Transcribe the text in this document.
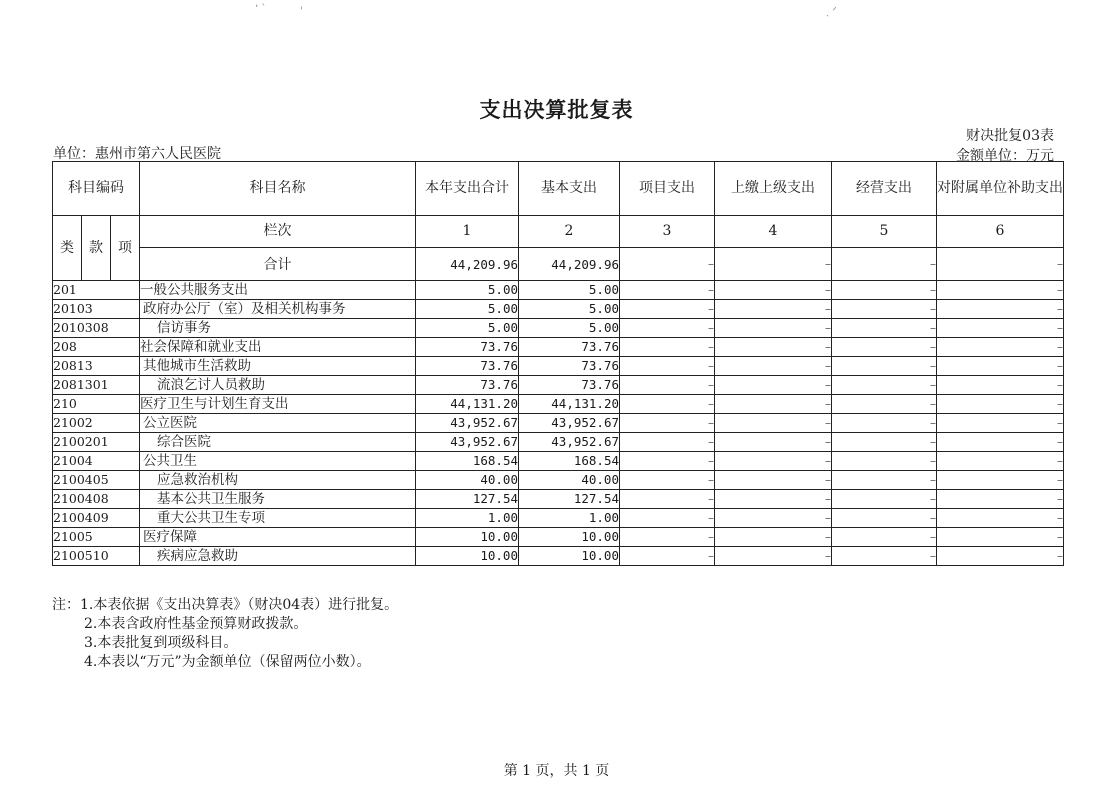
٬ ˋ	'	ˏ ᐟ
支出决算批复表
财决批复03表
单位：惠州市第六人民医院	金额单位：万元
科目编码			科目名称	本年支出合计	基本支出	项目支出	上缴上级支出	经营支出	对附属单位补助支出
类	款	项	栏次	1	2	3	4	5	6
			合计	44,209.96	44,209.96	–	–	–	–
201			一般公共服务支出	5.00	5.00	–	–	–	–
20103			政府办公厅（室）及相关机构事务	5.00	5.00	–	–	–	–
2010308			信访事务	5.00	5.00	–	–	–	–
208			社会保障和就业支出	73.76	73.76	–	–	–	–
20813			其他城市生活救助	73.76	73.76	–	–	–	–
2081301			流浪乞讨人员救助	73.76	73.76	–	–	–	–
210			医疗卫生与计划生育支出	44,131.20	44,131.20	–	–	–	–
21002			公立医院	43,952.67	43,952.67	–	–	–	–
2100201			综合医院	43,952.67	43,952.67	–	–	–	–
21004			公共卫生	168.54	168.54	–	–	–	–
2100405			应急救治机构	40.00	40.00	–	–	–	–
2100408			基本公共卫生服务	127.54	127.54	–	–	–	–
2100409			重大公共卫生专项	1.00	1.00	–	–	–	–
21005			医疗保障	10.00	10.00	–	–	–	–
2100510			疾病应急救助	10.00	10.00	–	–	–	–
注：1.本表依据《支出决算表》（财决04表）进行批复。
2.本表含政府性基金预算财政拨款。
3.本表批复到项级科目。
4.本表以“万元”为金额单位（保留两位小数）。
第 1 页，共 1 页
